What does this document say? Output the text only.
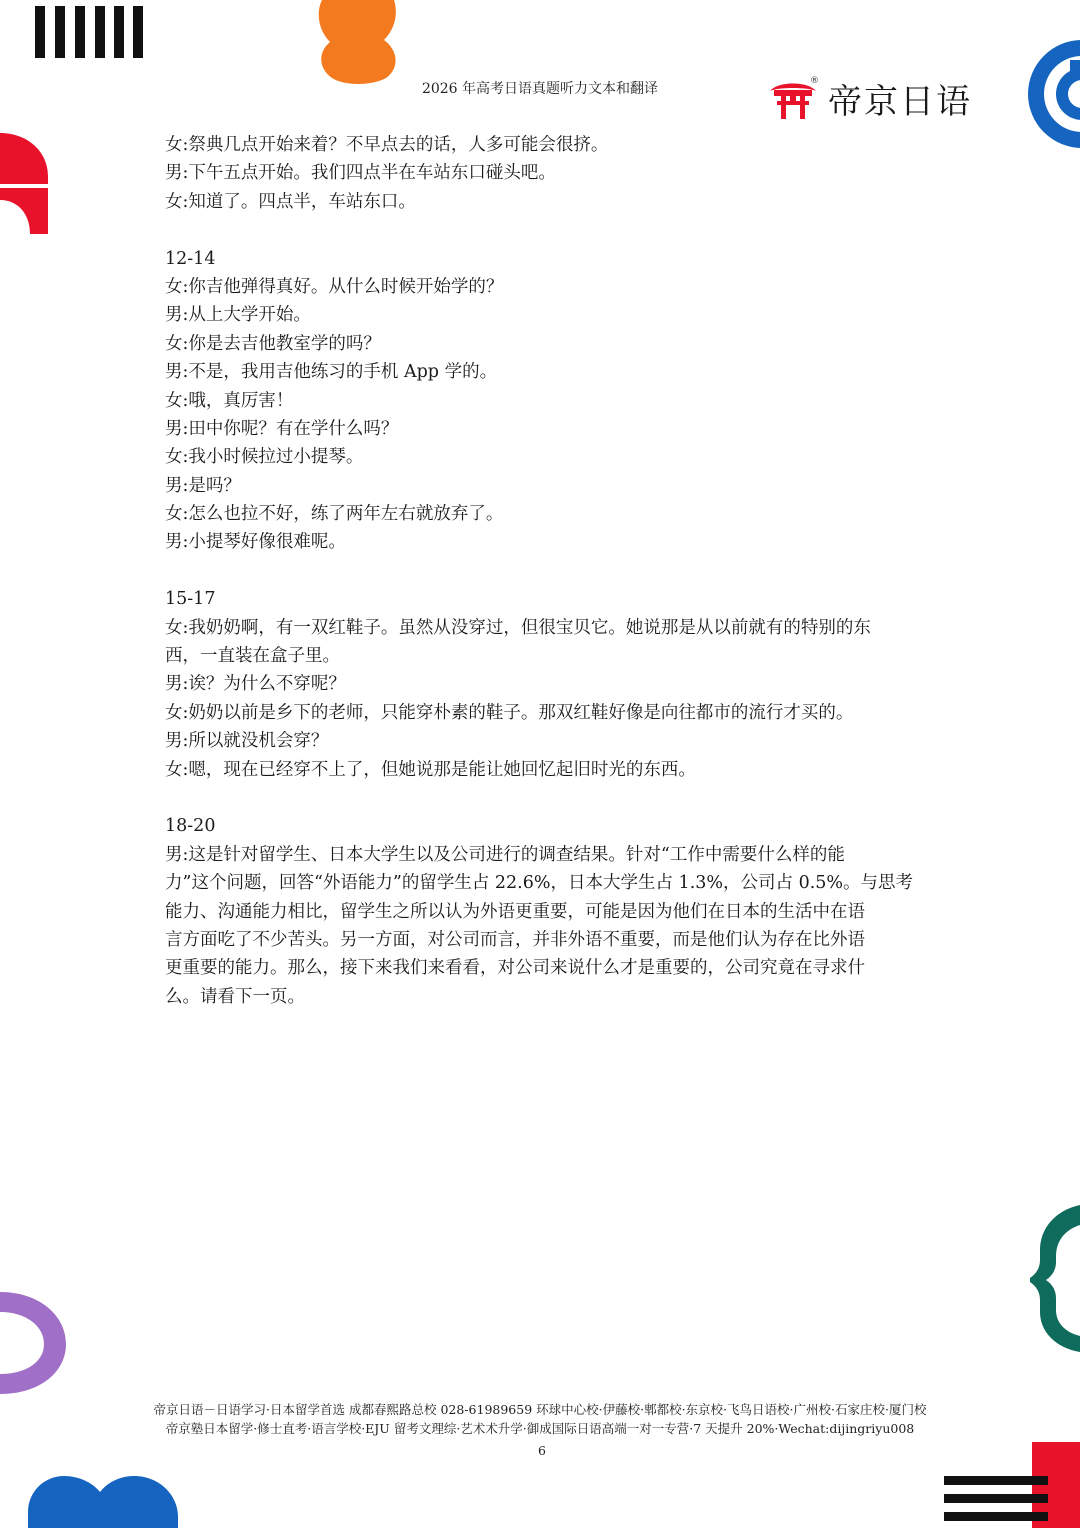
2026 年高考日语真题听力文本和翻译	®
帝京日语
女:祭典几点开始来着？不早点去的话，人多可能会很挤。
男:下午五点开始。我们四点半在车站东口碰头吧。
女:知道了。四点半，车站东口。
12-14
女:你吉他弹得真好。从什么时候开始学的？
男:从上大学开始。
女:你是去吉他教室学的吗？
男:不是，我用吉他练习的手机 App 学的。
女:哦，真厉害！
男:田中你呢？有在学什么吗？
女:我小时候拉过小提琴。
男:是吗？
女:怎么也拉不好，练了两年左右就放弃了。
男:小提琴好像很难呢。
15-17
女:我奶奶啊，有一双红鞋子。虽然从没穿过，但很宝贝它。她说那是从以前就有的特别的东
西，一直装在盒子里。
男:诶？为什么不穿呢？
女:奶奶以前是乡下的老师，只能穿朴素的鞋子。那双红鞋好像是向往都市的流行才买的。
男:所以就没机会穿？
女:嗯，现在已经穿不上了，但她说那是能让她回忆起旧时光的东西。
18-20
男:这是针对留学生、日本大学生以及公司进行的调查结果。针对“工作中需要什么样的能
力”这个问题，回答“外语能力”的留学生占 22.6%，日本大学生占 1.3%，公司占 0.5%。与思考
能力、沟通能力相比，留学生之所以认为外语更重要，可能是因为他们在日本的生活中在语
言方面吃了不少苦头。另一方面，对公司而言，并非外语不重要，而是他们认为存在比外语
更重要的能力。那么，接下来我们来看看，对公司来说什么才是重要的，公司究竟在寻求什
么。请看下一页。
帝京日语－日语学习·日本留学首选 成都春熙路总校 028-61989659 环球中心校·伊藤校·郫都校·东京校·飞鸟日语校·广州校·石家庄校·厦门校
帝京塾日本留学·修士直考·语言学校·EJU 留考文理综·艺术术升学·御成国际日语高端一对一专营·7 天提升 20%·Wechat:dijingriyu008
6
